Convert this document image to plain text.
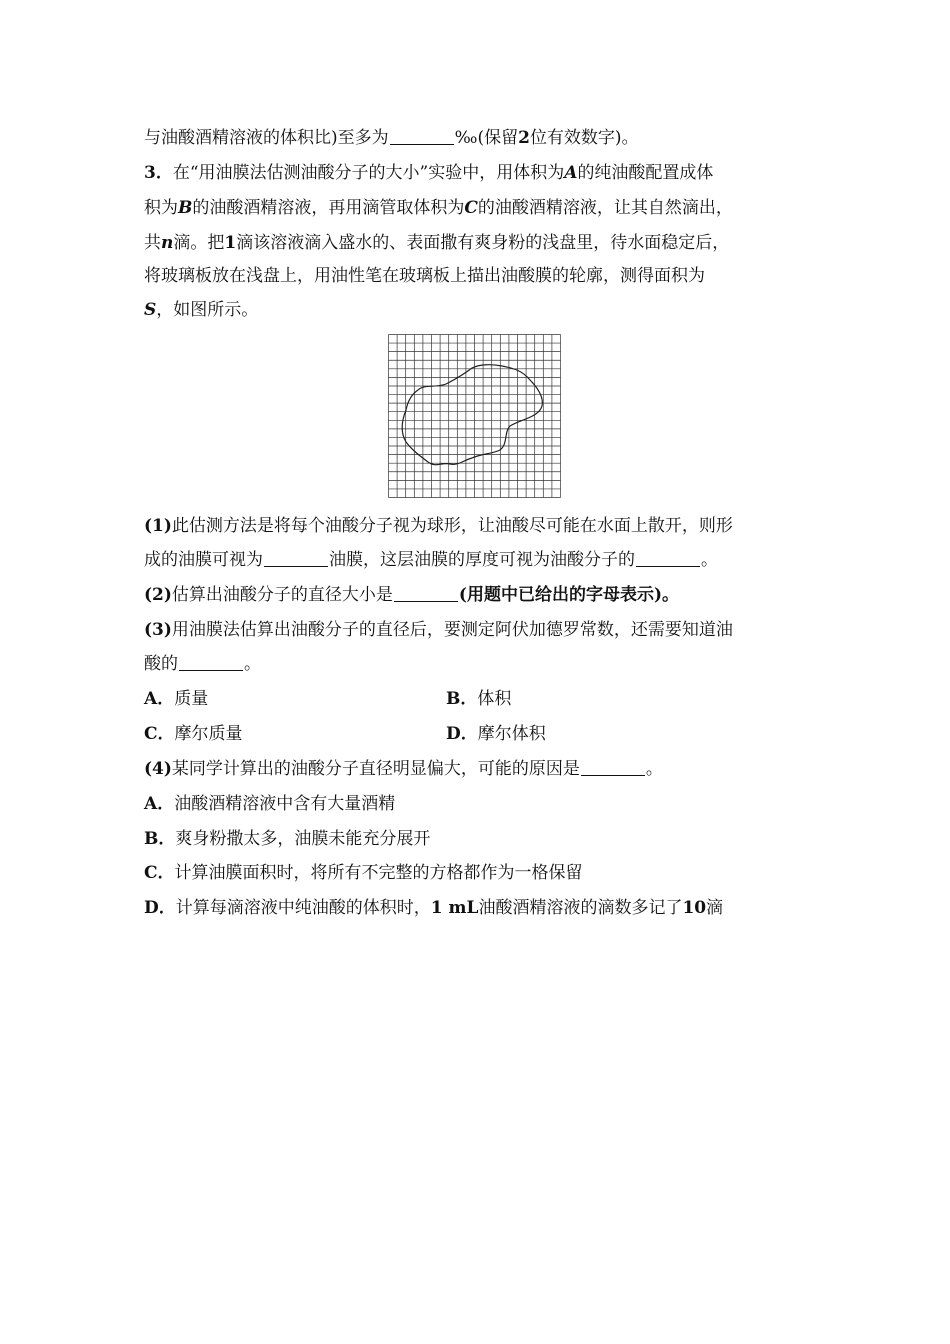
与油酸酒精溶液的体积比)至多为	‰(保留2位有效数字)。
3．在“用油膜法估测油酸分子的大小”实验中，用体积为A的纯油酸配置成体
积为B的油酸酒精溶液，再用滴管取体积为C的油酸酒精溶液，让其自然滴出，
共n滴。把1滴该溶液滴入盛水的、表面撒有爽身粉的浅盘里，待水面稳定后，
将玻璃板放在浅盘上，用油性笔在玻璃板上描出油酸膜的轮廓，测得面积为
S，如图所示。
(1)此估测方法是将每个油酸分子视为球形，让油酸尽可能在水面上散开，则形
成的油膜可视为	油膜，这层油膜的厚度可视为油酸分子的	。
(2)估算出油酸分子的直径大小是	(用题中已给出的字母表示)。
(3)用油膜法估算出油酸分子的直径后，要测定阿伏加德罗常数，还需要知道油
酸的	。
A．质量	B．体积
C．摩尔质量	D．摩尔体积
(4)某同学计算出的油酸分子直径明显偏大，可能的原因是	。
A．油酸酒精溶液中含有大量酒精
B．爽身粉撒太多，油膜未能充分展开
C．计算油膜面积时，将所有不完整的方格都作为一格保留
D．计算每滴溶液中纯油酸的体积时，1 mL油酸酒精溶液的滴数多记了10滴
